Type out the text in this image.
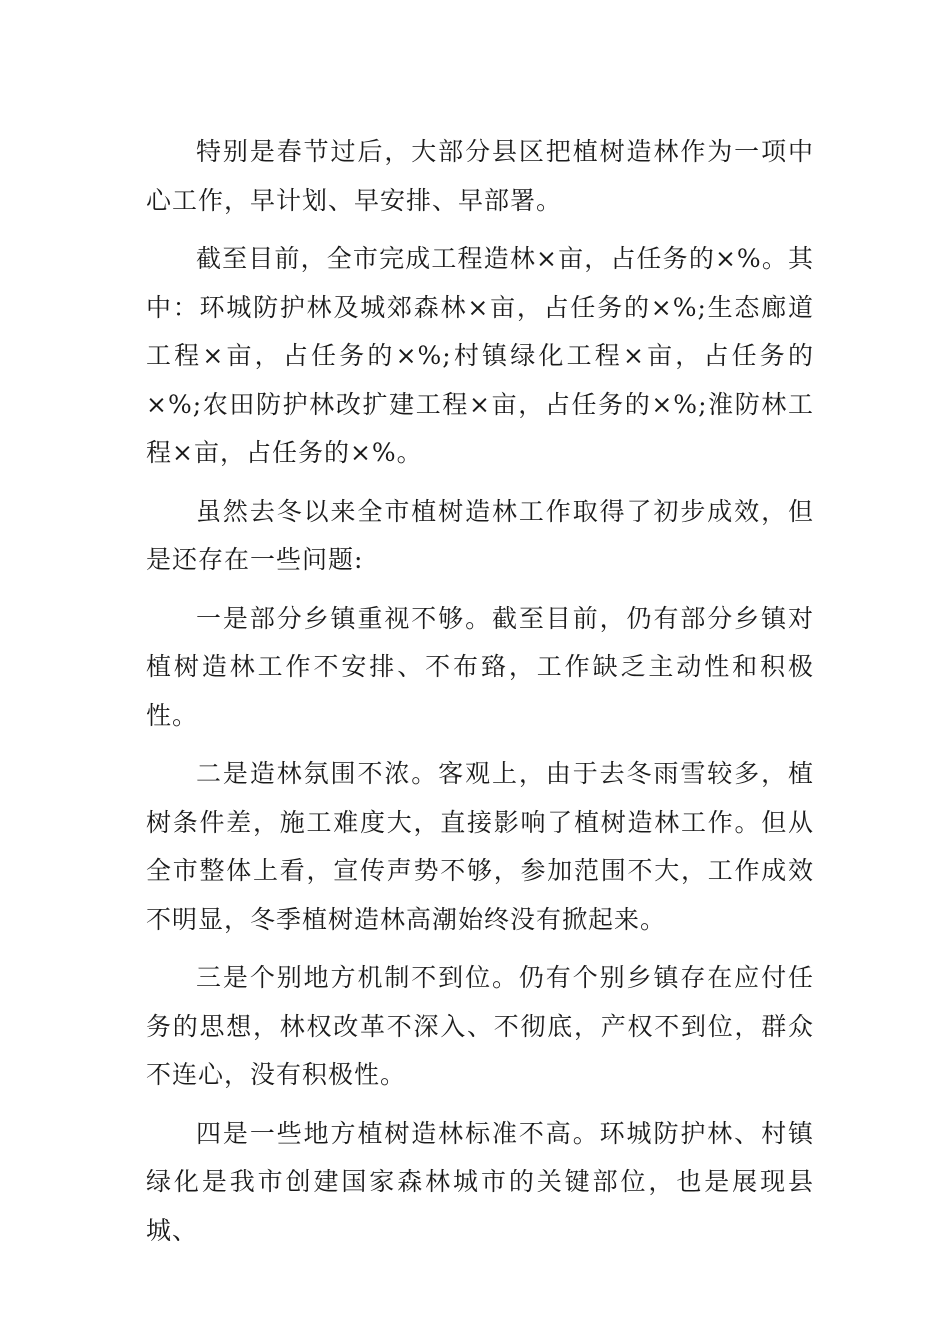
特别是春节过后，大部分县区把植树造林作为一项中心工作，早计划、早安排、早部署。

截至目前，全市完成工程造林×亩，占任务的×%。其中：环城防护林及城郊森林×亩，占任务的×%;生态廊道工程×亩，占任务的×%;村镇绿化工程×亩，占任务的×%;农田防护林改扩建工程×亩，占任务的×%;淮防林工程×亩，占任务的×%。

虽然去冬以来全市植树造林工作取得了初步成效，但是还存在一些问题:

一是部分乡镇重视不够。截至目前，仍有部分乡镇对植树造林工作不安排、不布臵，工作缺乏主动性和积极性。

二是造林氛围不浓。客观上，由于去冬雨雪较多，植树条件差，施工难度大，直接影响了植树造林工作。但从全市整体上看，宣传声势不够，参加范围不大，工作成效不明显，冬季植树造林高潮始终没有掀起来。

三是个别地方机制不到位。仍有个别乡镇存在应付任务的思想，林权改革不深入、不彻底，产权不到位，群众不连心，没有积极性。

四是一些地方植树造林标准不高。环城防护林、村镇绿化是我市创建国家森林城市的关键部位，也是展现县城、
